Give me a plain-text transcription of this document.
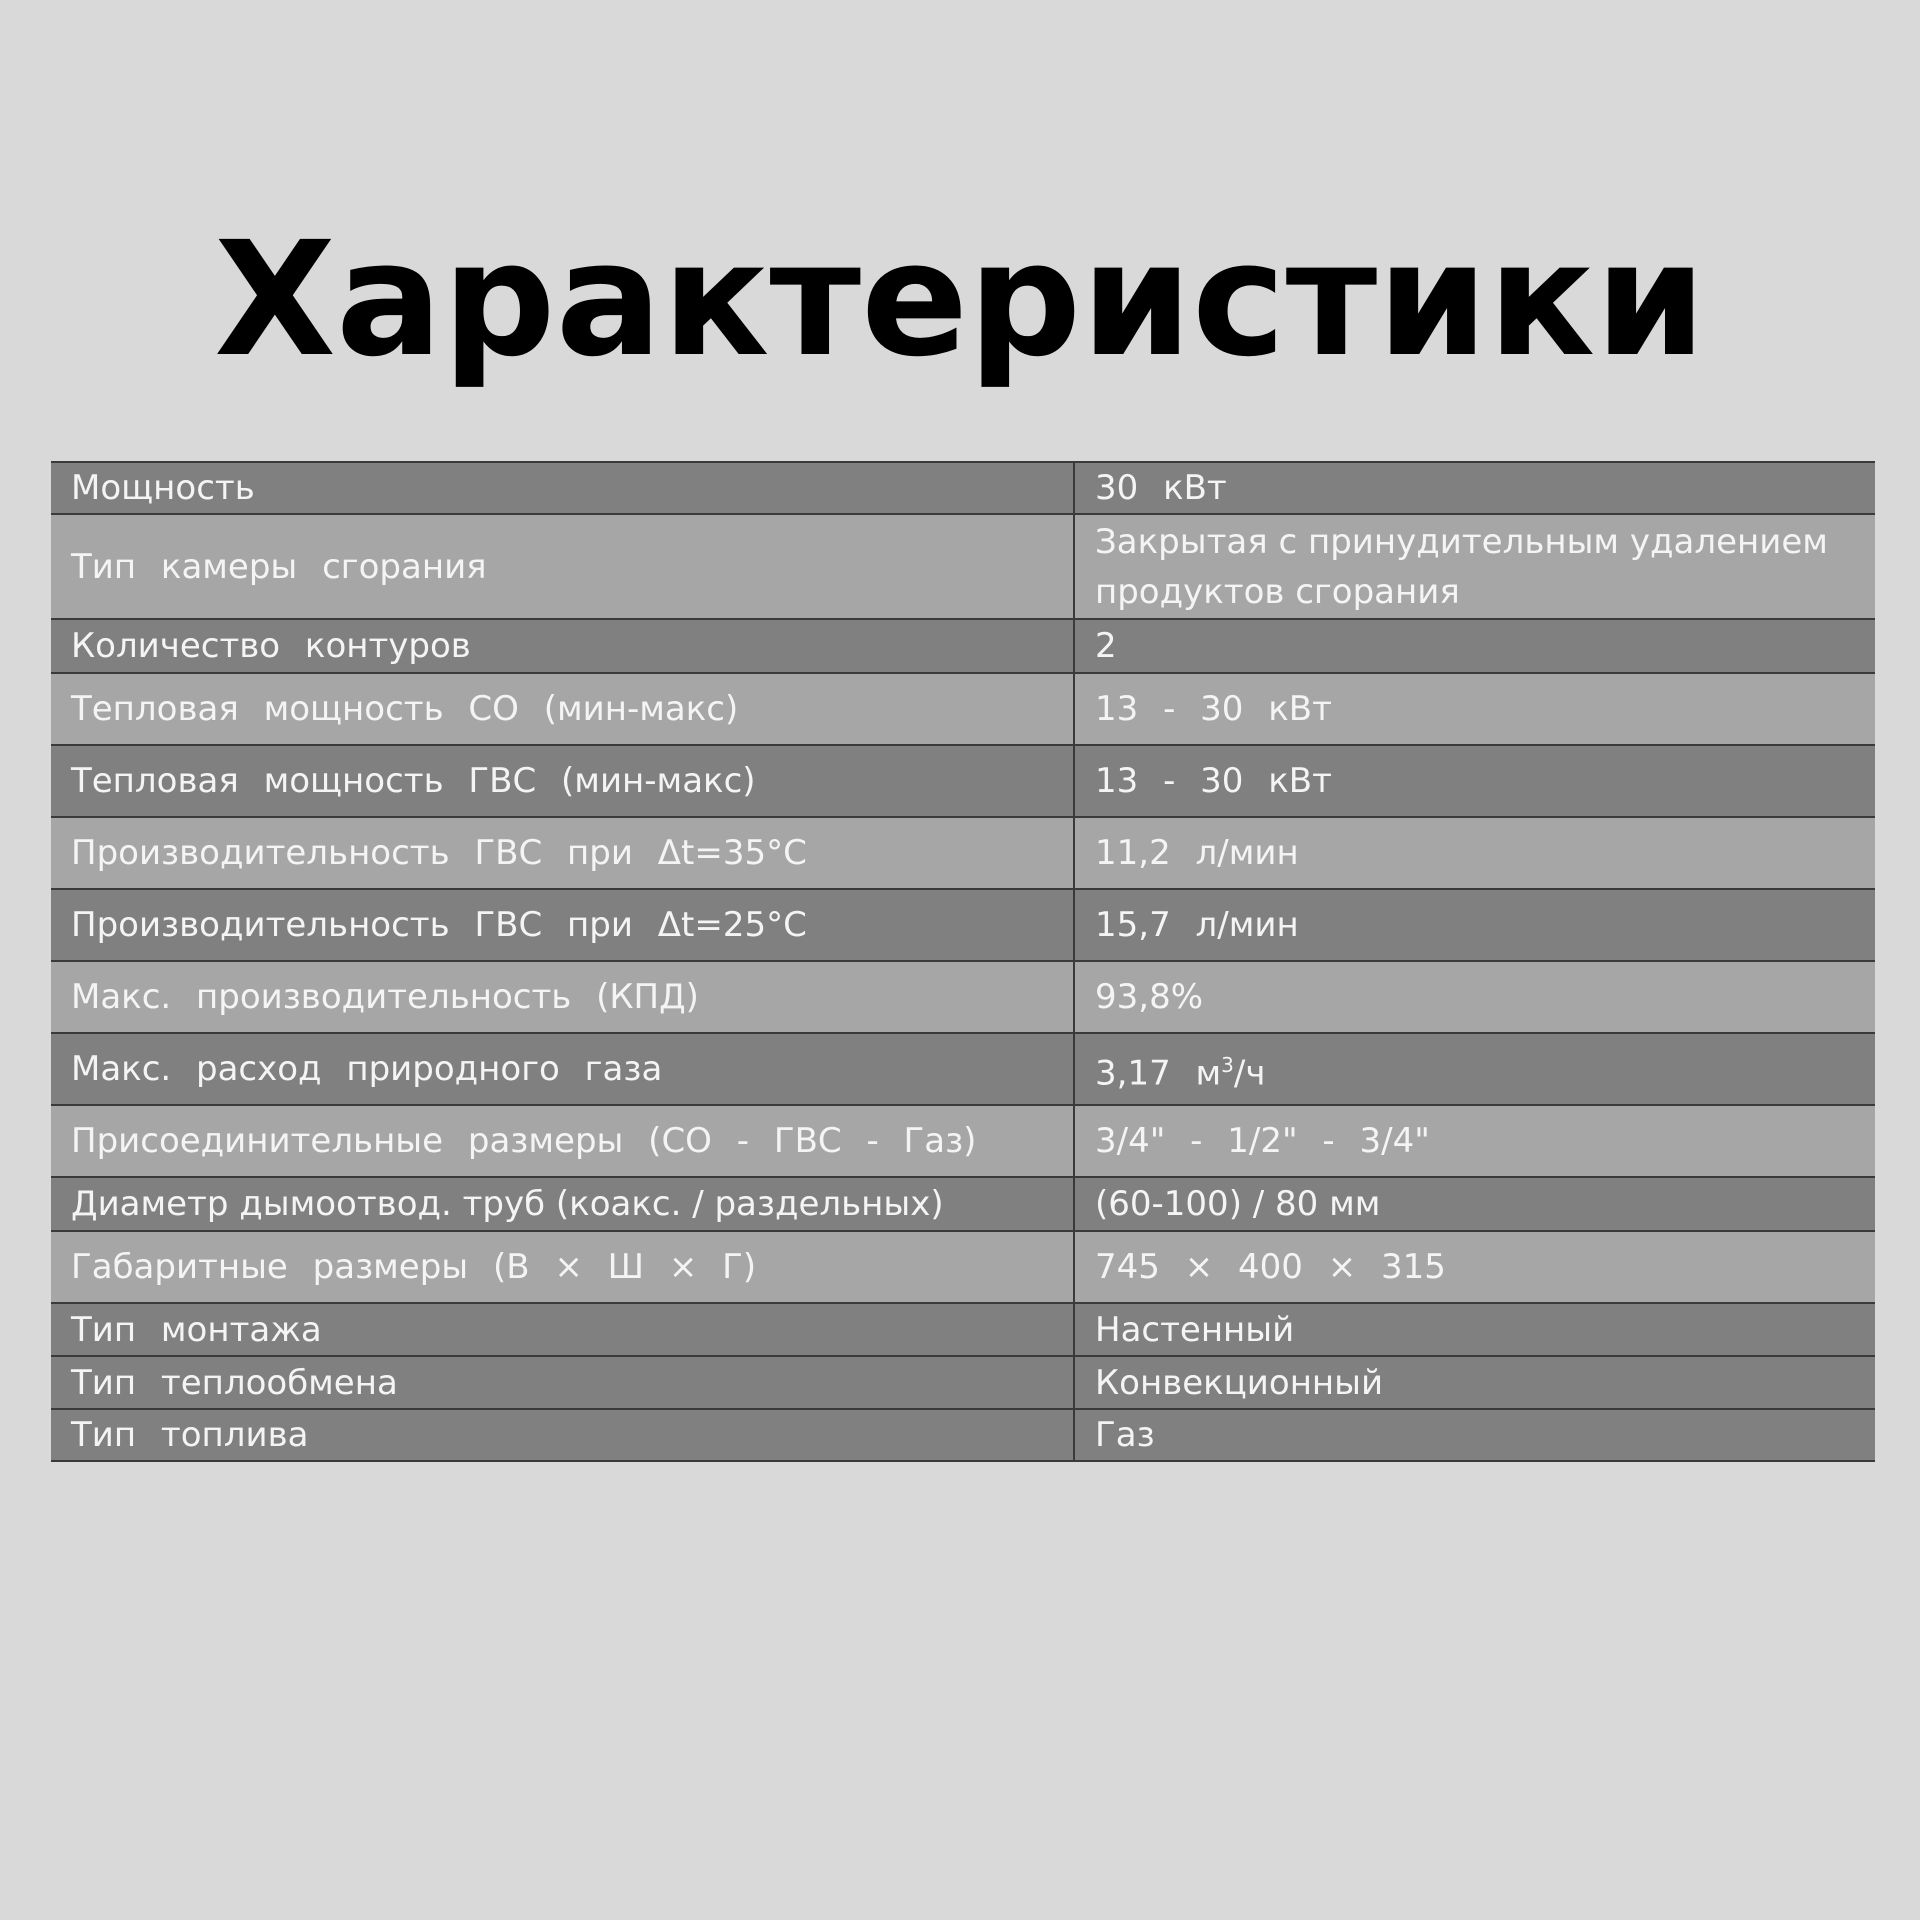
Характеристики
Мощность	30 кВт
Тип камеры сгорания	Закрытая с принудительным удалением
продуктов сгорания

Количество контуров	2
Тепловая мощность СО (мин-макс)	13 - 30 кВт
Тепловая мощность ГВС (мин-макс)	13 - 30 кВт
Производительность ГВС при Δt=35°C	11,2 л/мин
Производительность ГВС при Δt=25°C	15,7 л/мин
Макс. производительность (КПД)	93,8%
Макс. расход природного газа	3,17 $м^3/ч$
Присоединительные размеры (СО - ГВС - Газ)	3/4" - 1/2" - 3/4"
Диаметр дымоотвод. труб (коакс. / раздельных)	(60-100) / 80 мм
Габаритные размеры (В × Ш × Г)	745 × 400 × 315
Тип монтажа	Настенный
Тип теплообмена	Конвекционный
Тип топлива	Газ
